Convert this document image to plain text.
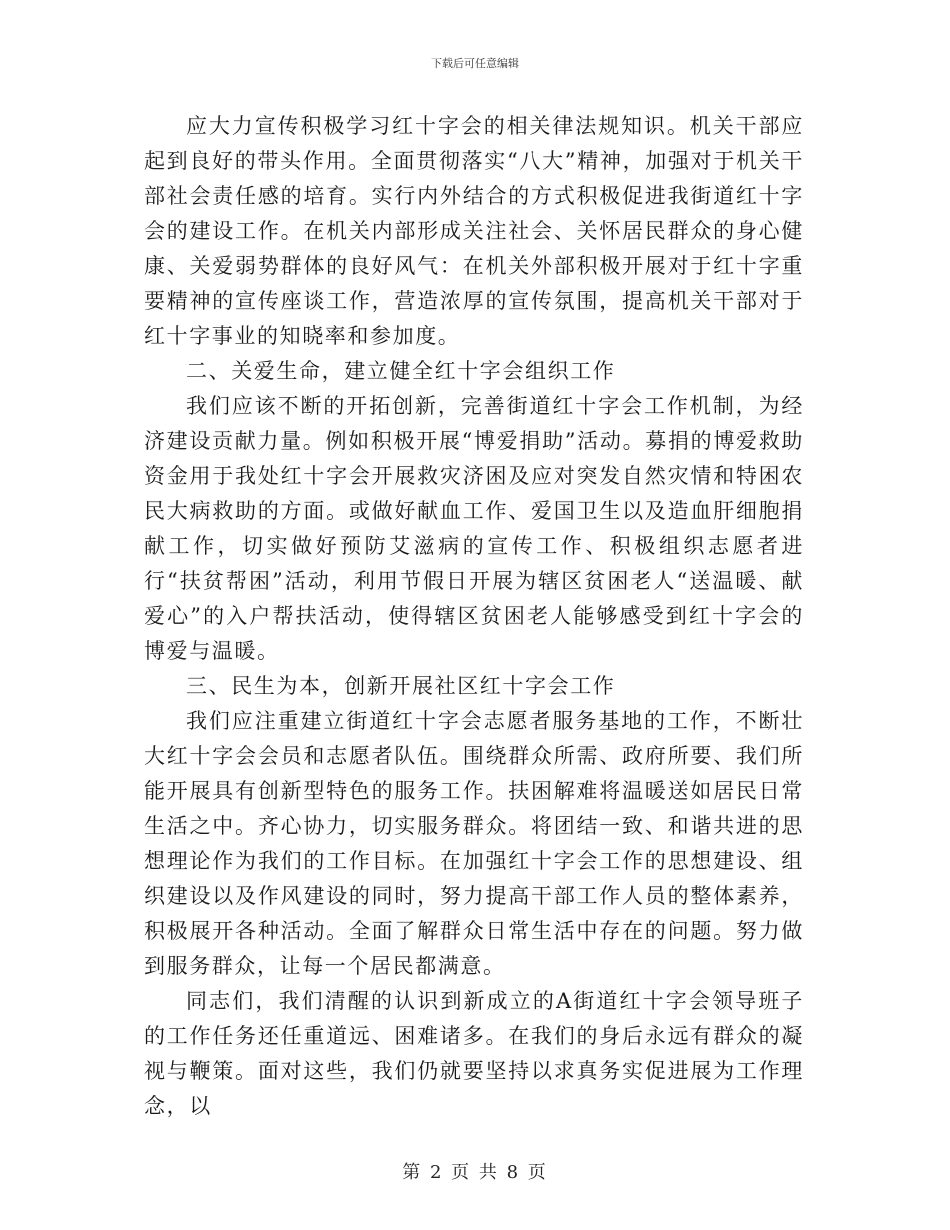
下载后可任意编辑

应大力宣传积极学习红十字会的相关律法规知识。机关干部应起到良好的带头作用。全面贯彻落实“八大”精神，加强对于机关干部社会责任感的培育。实行内外结合的方式积极促进我街道红十字会的建设工作。在机关内部形成关注社会、关怀居民群众的身心健康、关爱弱势群体的良好风气：在机关外部积极开展对于红十字重要精神的宣传座谈工作，营造浓厚的宣传氛围，提高机关干部对于红十字事业的知晓率和参加度。

二、关爱生命，建立健全红十字会组织工作

我们应该不断的开拓创新，完善街道红十字会工作机制，为经济建设贡献力量。例如积极开展“博爱捐助”活动。募捐的博爱救助资金用于我处红十字会开展救灾济困及应对突发自然灾情和特困农民大病救助的方面。或做好献血工作、爱国卫生以及造血肝细胞捐献工作，切实做好预防艾滋病的宣传工作、积极组织志愿者进行“扶贫帮困”活动，利用节假日开展为辖区贫困老人“送温暖、献爱心”的入户帮扶活动，使得辖区贫困老人能够感受到红十字会的博爱与温暖。

三、民生为本，创新开展社区红十字会工作

我们应注重建立街道红十字会志愿者服务基地的工作，不断壮大红十字会会员和志愿者队伍。围绕群众所需、政府所要、我们所能开展具有创新型特色的服务工作。扶困解难将温暖送如居民日常生活之中。齐心协力，切实服务群众。将团结一致、和谐共进的思想理论作为我们的工作目标。在加强红十字会工作的思想建设、组织建设以及作风建设的同时，努力提高干部工作人员的整体素养，积极展开各种活动。全面了解群众日常生活中存在的问题。努力做到服务群众，让每一个居民都满意。

同志们，我们清醒的认识到新成立的A街道红十字会领导班子的工作任务还任重道远、困难诸多。在我们的身后永远有群众的凝视与鞭策。面对这些，我们仍就要坚持以求真务实促进展为工作理念，以

第 2 页 共 8 页
